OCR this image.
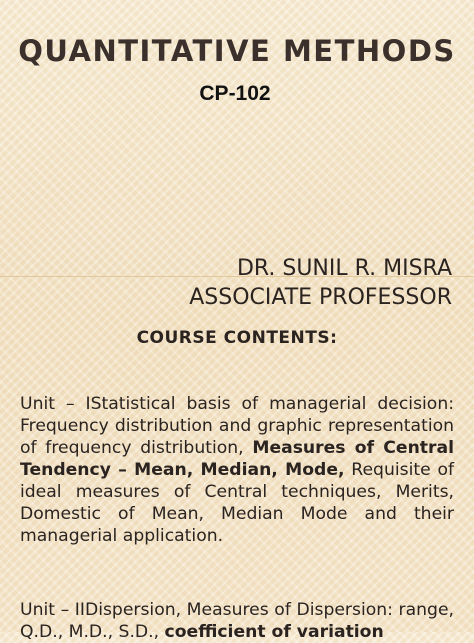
QUANTITATIVE METHODS
CP-102
DR. SUNIL R. MISRA
ASSOCIATE PROFESSOR
COURSE CONTENTS:
Unit – IStatistical basis of managerial decision: Frequency distribution and graphic representation of frequency distribution, Measures of Central Tendency – Mean, Median, Mode, Requisite of ideal measures of Central techniques, Merits, Domestic of Mean, Median Mode and their managerial application.
Unit – IIDispersion, Measures of Dispersion: range, Q.D., M.D., S.D., coefficient of variation
